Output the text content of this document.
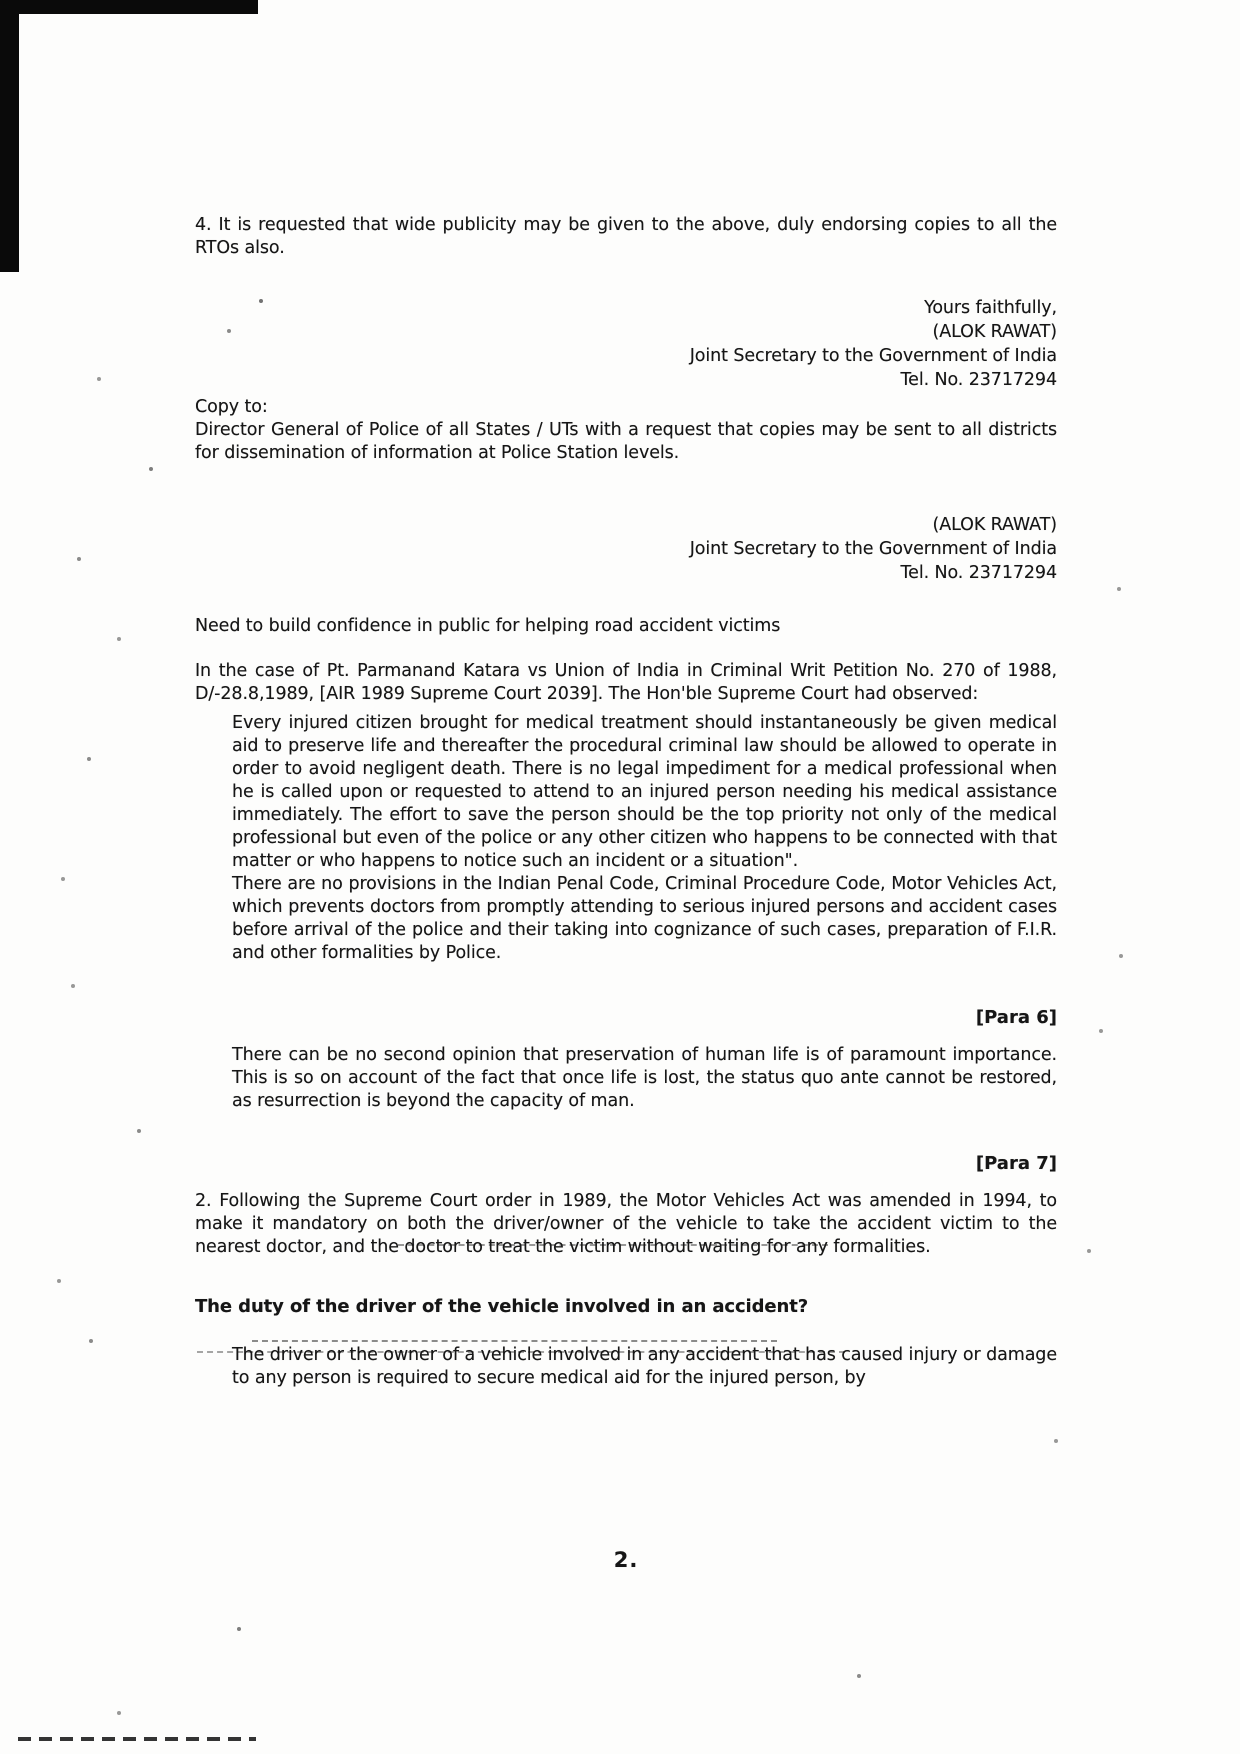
4. It is requested that wide publicity may be given to the above, duly endorsing copies to all the RTOs also.

Yours faithfully,
(ALOK RAWAT)
Joint Secretary to the Government of India
Tel. No. 23717294

Copy to:

Director General of Police of all States / UTs with a request that copies may be sent to all districts for dissemination of information at Police Station levels.

(ALOK RAWAT)
Joint Secretary to the Government of India
Tel. No. 23717294

Need to build confidence in public for helping road accident victims

In the case of Pt. Parmanand Katara vs Union of India in Criminal Writ Petition No. 270 of 1988, D/-28.8,1989, [AIR 1989 Supreme Court 2039]. The Hon'ble Supreme Court had observed:

Every injured citizen brought for medical treatment should instantaneously be given medical aid to preserve life and thereafter the procedural criminal law should be allowed to operate in order to avoid negligent death. There is no legal impediment for a medical professional when he is called upon or requested to attend to an injured person needing his medical assistance immediately. The effort to save the person should be the top priority not only of the medical professional but even of the police or any other citizen who happens to be connected with that matter or who happens to notice such an incident or a situation".

There are no provisions in the Indian Penal Code, Criminal Procedure Code, Motor Vehicles Act, which prevents doctors from promptly attending to serious injured persons and accident cases before arrival of the police and their taking into cognizance of such cases, preparation of F.I.R. and other formalities by Police.

[Para 6]

There can be no second opinion that preservation of human life is of paramount importance. This is so on account of the fact that once life is lost, the status quo ante cannot be restored, as resurrection is beyond the capacity of man.

[Para 7]

2. Following the Supreme Court order in 1989, the Motor Vehicles Act was amended in 1994, to make it mandatory on both the driver/owner of the vehicle to take the accident victim to the nearest doctor, and the doctor to treat the victim without waiting for any formalities.

The duty of the driver of the vehicle involved in an accident?

The driver or the owner of a vehicle involved in any accident that has caused injury or damage to any person is required to secure medical aid for the injured person, by

2.
